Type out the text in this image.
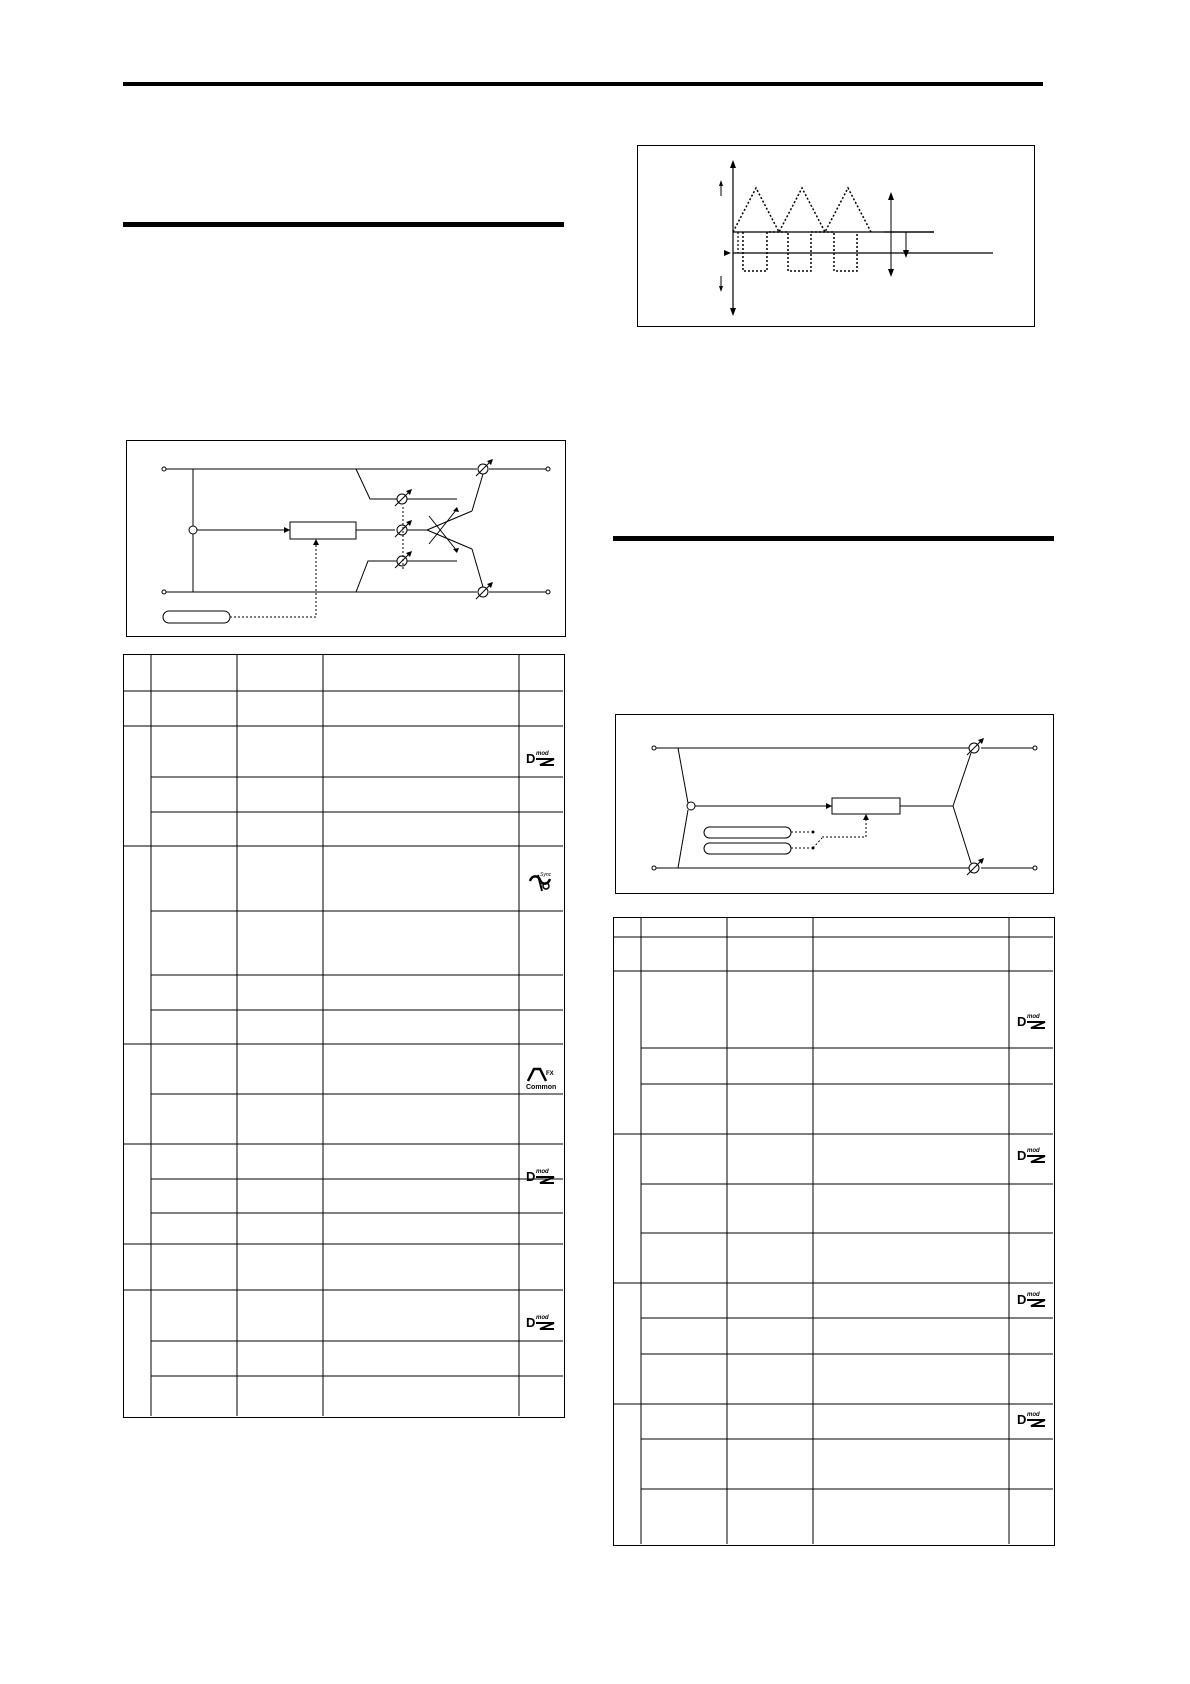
D mod
Sync
FX
Common
D mod
D mod
D mod
D mod
D mod
D mod
